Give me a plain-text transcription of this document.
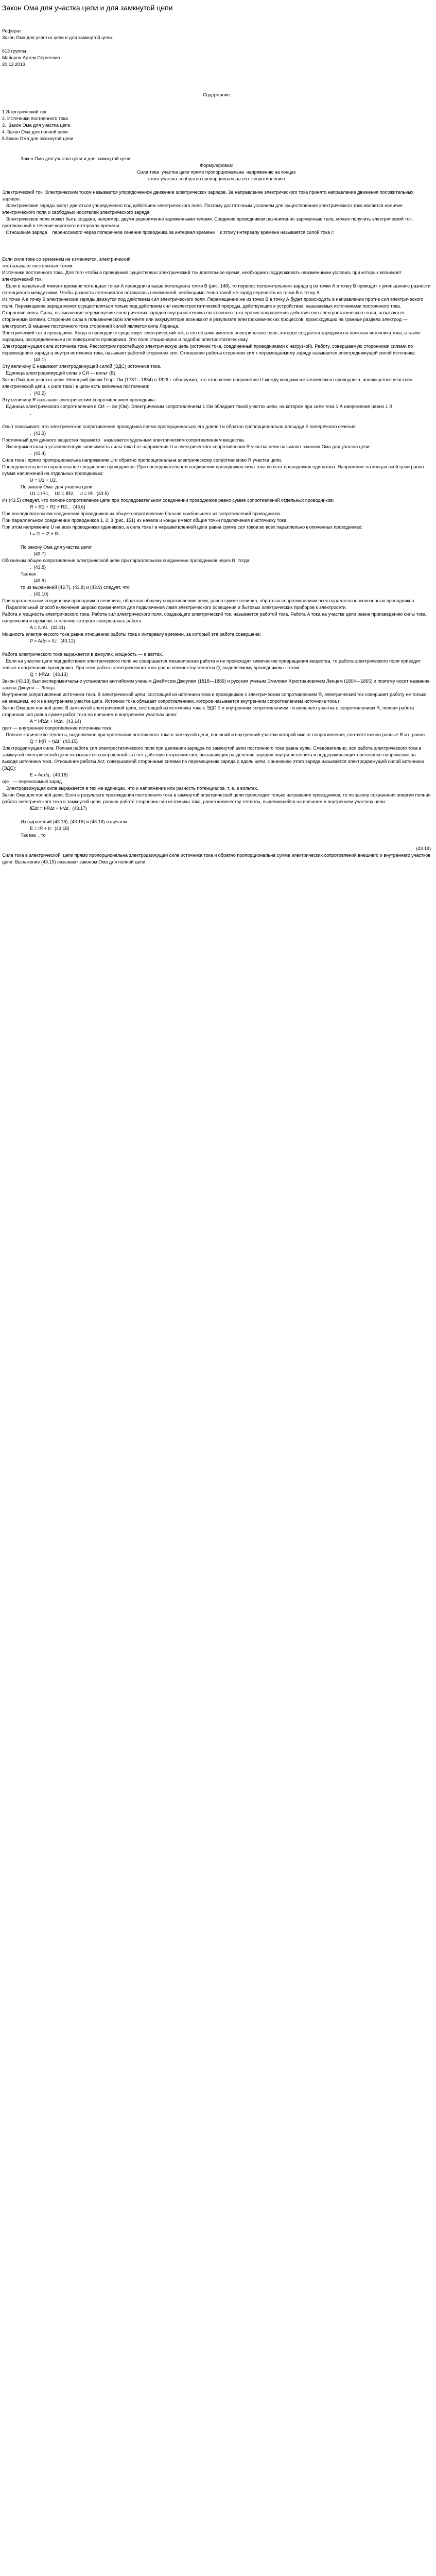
Закон Ома для участка цепи и для замкнутой цепи
Реферат
Закон Ома для участка цепи и для замкнутой цепи.
613 группы
Майоров Артем Сергеевич
20.12.2013
Содержание
1.Электрический ток
2. Источники постоянного тока
3.  Закон Ома для участка цепи.
4. Закон Ома для полной цепи
5.Закон Ома для замкнутой цепи
Закон Ома для участка цепи и для замкнутой цепи.
Формулировка:
Сила тока  участка цепи прямо пропорциональна  напряжению на концах
этого участка  и обратно пропорциональна его  сопротивлению
Электрический ток. Электрическим током называется упорядоченное движение электрических зарядов. За направление электрического тока принято направление движения положительных зарядов.
Электрические заряды могут двигаться упорядоченно под действием электрического поля. Поэтому достаточным условием для существования электрического тока является наличие электрического поля и свободных носителей электрического заряда.
Электрическое поле может быть создано, например, двумя разноименно заряженными телами. Соединив проводником разноименно заряженные тела, можно получить электрический ток, протекающий в течение короткого интервала времени.
Отношение заряда    переносимого через поперечное сечение проводника за интервал времени  , к этому интервалу времени называется силой тока I:
.
Если сила тока со временем не изменяется, электрический
ток называют постоянным током.
Источники постоянного тока. Для того чтобы в проводнике существовал электрический ток длительное время, необходимо поддерживать неизменными условия, при которых возникает электрический ток.
Если в начальный момент времени потенциал точки А проводника выше потенциала точки В (рис. 148), то перенос положительного заряда q из точки А в точку В приводит к уменьшению разности потенциалов между ними. Чтобы разность потенциалов оставалась неизменной, необходимо точно такой же заряд перенести из точки В в точку А.
Из точки А в точку В электрические заряды движутся под действием сил электрического поля. Перемещение же из точки В в точку А будет происходить в направлении против сил электрического поля. Перемещение заряда может осуществляться только под действием сил неэлектростатической природы, действующих в устройствах, называемых источниками постоянного тока.
Сторонние силы. Силы, вызывающие перемещение электрических зарядов внутри источника постоянного тока против направления действия сил электростатического поля, называются сторонними силами. Сторонние силы в гальваническом элементе или аккумуляторе возникают в результате электрохимических процессов, происходящих на границе раздела электрод — электролит. В машине постоянного тока сторонней силой является сила Лоренца.
Электрический ток в проводнике. Когда в проводнике существует электрический ток, в его объеме имеется электрическое поле, которое создается зарядами на полюсах источника тока, а также зарядами, распределенными по поверхности проводника. Это поле стационарно и подобно электростатическому.
Электродвижущая сила источника тока. Рассмотрим простейшую электрическую цепь (источник тока, соединенный проводниками с нагрузкой). Работу, совершаемую сторонними силами по перемещению заряда q внутри источника тока, называют работой сторонних сил. Отношение работы сторонних сил к перемещаемому заряду называется электродвижущей силой источника:
.  (43.1)
Эту величину Е называют электродвижущей силой (ЭДС) источника тока.
Единица электродвижущей силы в СИ — вольт (В).
Закон Ома для участка цепи. Немецкий физик Георг Ом (1787—1854) в 1826 г. обнаружил, что отношение напряжения U между концами металлического проводника, являющегося участком электрической цепи, к силе тока I в цепи есть величина постоянная:
.  (43.2)
Эту величину R называют электрическим сопротивлением проводника.
Единица электрического сопротивления в СИ — ом (Ом). Электрическим сопротивлением 1 Ом обладает такой участок цепи, на котором при силе тока 1 А напряжение равно 1 В:
.
Опыт показывает, что электрическое сопротивление проводника прямо пропорционально его длине l и обратно пропорционально площади S поперечного сечения:
.  (43.3)
Постоянный для данного вещества параметр   называется удельным электрическим сопротивлением вещества.
Экспериментально установленную зависимость силы тока I от напряжения U и электрического сопротивления R участка цепи называют законом Ома для участка цепи:
.  (43.4)
Сила тока I прямо пропорциональна напряжению U и обратно пропорциональна электрическому сопротивлению R участка цепи.
Последовательное и параллельное соединение проводников. При последовательном соединении проводников сила тока во всех проводниках одинакова. Напряжение на концах всей цепи равно сумме напряжений на отдельных проводниках:
U = U1 + U2.
По закону Ома  для участка цепи:
U1 = IR1,    U2 = IR2,    U = IR.  (43.5)
Из (43.5) следует, что полное сопротивление цепи при последовательном соединении проводников равно сумме сопротивлений отдельных проводников:
R = R1 + R2 + R3...  (43.6)
При последовательном соединении проводников их общее сопротивление больше наибольшего из сопротивлений проводников.
При параллельном соединении проводников 1, 2, 3 (рис. 151) их начала и концы имеют общие точки подключения к источнику тока.
При этом напряжение U на всех проводниках одинаково, а сила тока I в неразветвленной цепи равна сумме сил токов во всех параллельно включенных проводниках:
I = I1 + I2 + I3.
По закону Ома для участка цепи:
.  (43.7)
Обозначим общее сопротивление электрической цепи при параллельном соединении проводников через R, тогда:
.  (43.8)
Так как
.  (43.9)
то из выражений (43.7), (43.8) и (43.9) следует, что
.  (43.10)
При параллельном соединении проводников величина, обратная общему сопротивлению цепи, равна сумме величин, обратных сопротивлениям всех параллельно включенных проводников.
Параллельный способ включения широко применяется для подключения ламп электрического освещения и бытовых электрических приборов к электросети.
Работа и мощность электрического тока. Работа сил электрического поля, создающего электрический ток, называется работой тока. Работа A тока на участке цепи равна произведению силы тока, напряжения и времени, в течение которого совершалась работа:
A = IUΔt.  (43.11)
Мощность электрического тока равна отношению работы тока к интервалу времени, за который эта работа совершена:
P = A/Δt = IU.  (43.12)
Работа электрического тока выражается в джоулях, мощность — в ваттах.
Если на участке цепи под действием электрического поля не совершается механическая работа и не происходят химические превращения вещества, то работа электрического поля приводит только к нагреванию проводника. При этом работа электрического тока равна количеству теплоты Q, выделяемому проводником с током:
Q = I²RΔt.  (43.13)
Закон (43.13) был экспериментально установлен английским ученым Джеймсом Джоулем (1818—1889) и русским ученым Эмилием Христиановичем Ленцем (1804—1865) и поэтому носит название закона Джоуля — Ленца.
Внутреннее сопротивление источника тока. В электрической цепи, состоящей из источника тока и проводников с электрическим сопротивлением R, электрический ток совершает работу не только на внешнем, но и на внутреннем участке цепи. Источник тока обладает сопротивлением, которое называется внутренним сопротивлением источника тока r.
Закон Ома для полной цепи. В замкнутой электрической цепи, состоящей из источника тока с ЭДС E и внутренним сопротивлением r и внешнего участка с сопротивлением R, полная работа сторонних сил равна сумме работ тока на внешнем и внутреннем участках цепи:
A = I²RΔt + I²rΔt.  (43.14)
где r — внутреннее сопротивление источника тока.
Полное количество теплоты, выделяемое при протекании постоянного тока в замкнутой цепи, внешний и внутренний участки которой имеют сопротивления, соответственно равные R и r, равно
Q = I²(R + r)Δt.  (43.15)
Электродвижущая сила. Полная работа сил электростатического поля при движении зарядов по замкнутой цепи постоянного тока равна нулю. Следовательно, вся работа электрического тока в замкнутой электрической цепи оказывается совершенной за счет действия сторонних сил, вызывающих разделение зарядов внутри источника и поддерживающих постоянное напряжение на выходе источника тока. Отношение работы Aст, совершаемой сторонними силами по перемещению заряда q вдоль цепи, к значению этого заряда называется электродвижущей силой источника (ЭДС):
E = Aст/q,  (43.16)
где   — переносимый заряд.
Электродвижущая сила выражается в тех же единицах, что и напряжение или разность потенциалов, т. е. в вольтах.
Закон Ома для полной цепи. Если в результате прохождения постоянного тока в замкнутой электрической цепи происходит только нагревание проводников, то по закону сохранения энергии полная работа электрического тока в замкнутой цепи, равная работе сторонних сил источника тока, равна количеству теплоты, выделившейся на внешнем и внутреннем участках цепи:
IEΔt = I²RΔt + I²rΔt.  (43.17)
Из выражений (43.16), (43.15) и (43.16) получаем
E = IR + Ir.  (43.18)
Так как  , то
.
(43.19)
Сила тока в электрической  цепи прямо пропорциональна электродвижущей силе источника тока и обратно пропорциональна сумме электрических сопротивлений внешнего и внутреннего участков цепи. Выражение (43.19) называют законом Ома для полной цепи.
